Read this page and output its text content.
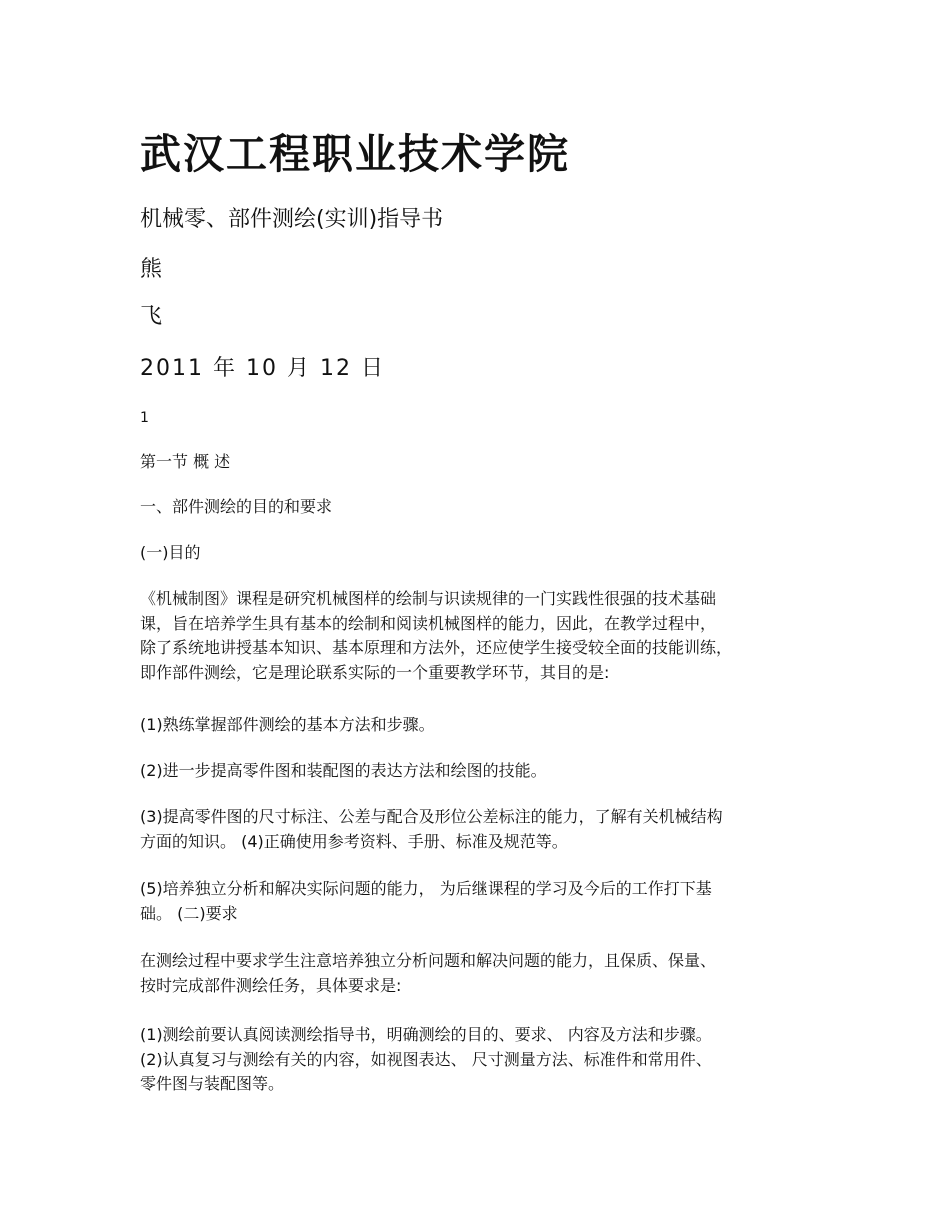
武汉工程职业技术学院
机械零、部件测绘(实训)指导书
熊
飞
2011 年 10 月 12 日
1
第一节 概 述
一、部件测绘的目的和要求
(一)目的

《机械制图》课程是研究机械图样的绘制与识读规律的一门实践性很强的技术基础
课，旨在培养学生具有基本的绘制和阅读机械图样的能力，因此，在教学过程中，
除了系统地讲授基本知识、基本原理和方法外，还应使学生接受较全面的技能训练，
即作部件测绘，它是理论联系实际的一个重要教学环节，其目的是:

(1)熟练掌握部件测绘的基本方法和步骤。
(2)进一步提高零件图和装配图的表达方法和绘图的技能。

(3)提高零件图的尺寸标注、公差与配合及形位公差标注的能力，了解有关机械结构
方面的知识。 (4)正确使用参考资料、手册、标准及规范等。

(5)培养独立分析和解决实际问题的能力， 为后继课程的学习及今后的工作打下基
础。 (二)要求

在测绘过程中要求学生注意培养独立分析问题和解决问题的能力，且保质、保量、
按时完成部件测绘任务，具体要求是:

(1)测绘前要认真阅读测绘指导书，明确测绘的目的、要求、 内容及方法和步骤。
(2)认真复习与测绘有关的内容，如视图表达、 尺寸测量方法、标准件和常用件、
零件图与装配图等。
